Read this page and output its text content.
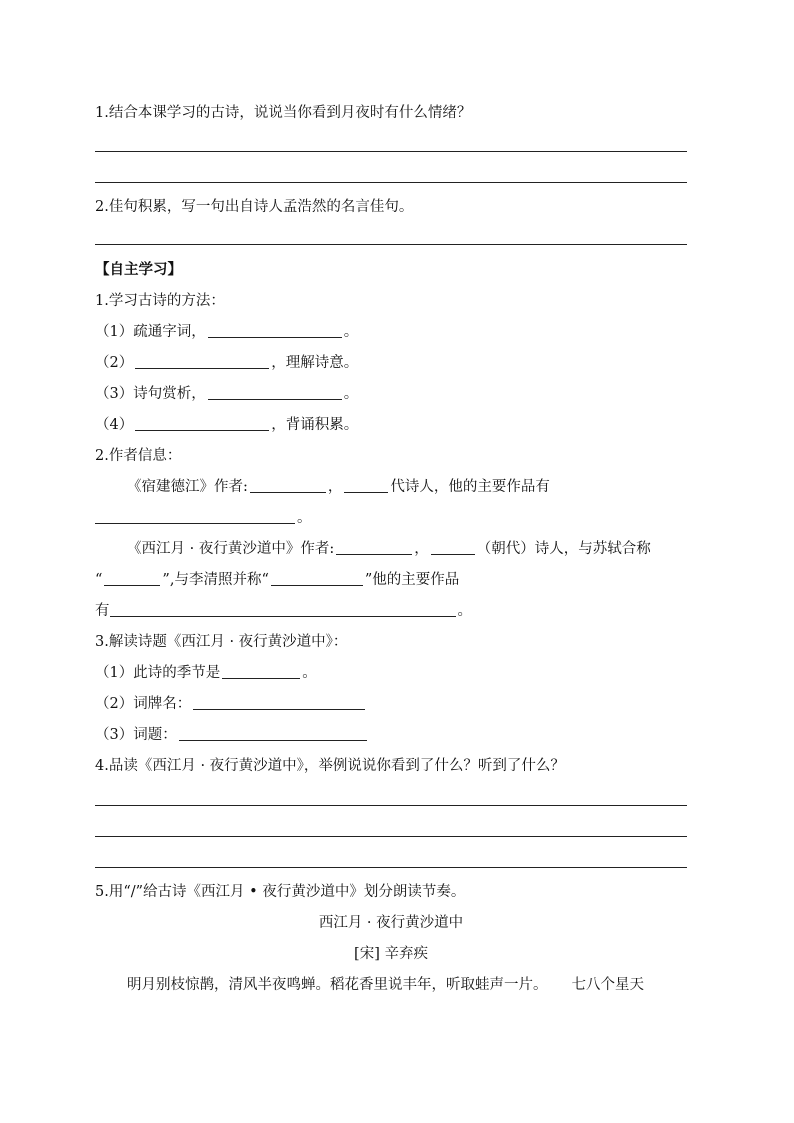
1.结合本课学习的古诗，说说当你看到月夜时有什么情绪？
2.佳句积累，写一句出自诗人孟浩然的名言佳句。
【自主学习】
1.学习古诗的方法：
（1）疏通字词，	。
（2）	，理解诗意。
（3）诗句赏析，	。
（4）	，背诵积累。
2.作者信息：
《宿建德江》作者:	，	代诗人，他的主要作品有
。
《西江月 · 夜行黄沙道中》作者:	，	（朝代）诗人，与苏轼合称
“	”,与李清照并称“	”他的主要作品
有	。
3.解读诗题《西江月 · 夜行黄沙道中》：
（1）此诗的季节是	。
（2）词牌名：
（3）词题：
4.品读《西江月 · 夜行黄沙道中》，举例说说你看到了什么？听到了什么？
5.用“/”给古诗《西江月 • 夜行黄沙道中》划分朗读节奏。
西江月 · 夜行黄沙道中
[宋] 辛弃疾
明月别枝惊鹊，清风半夜鸣蝉。稻花香里说丰年，听取蛙声一片。 七八个星天
